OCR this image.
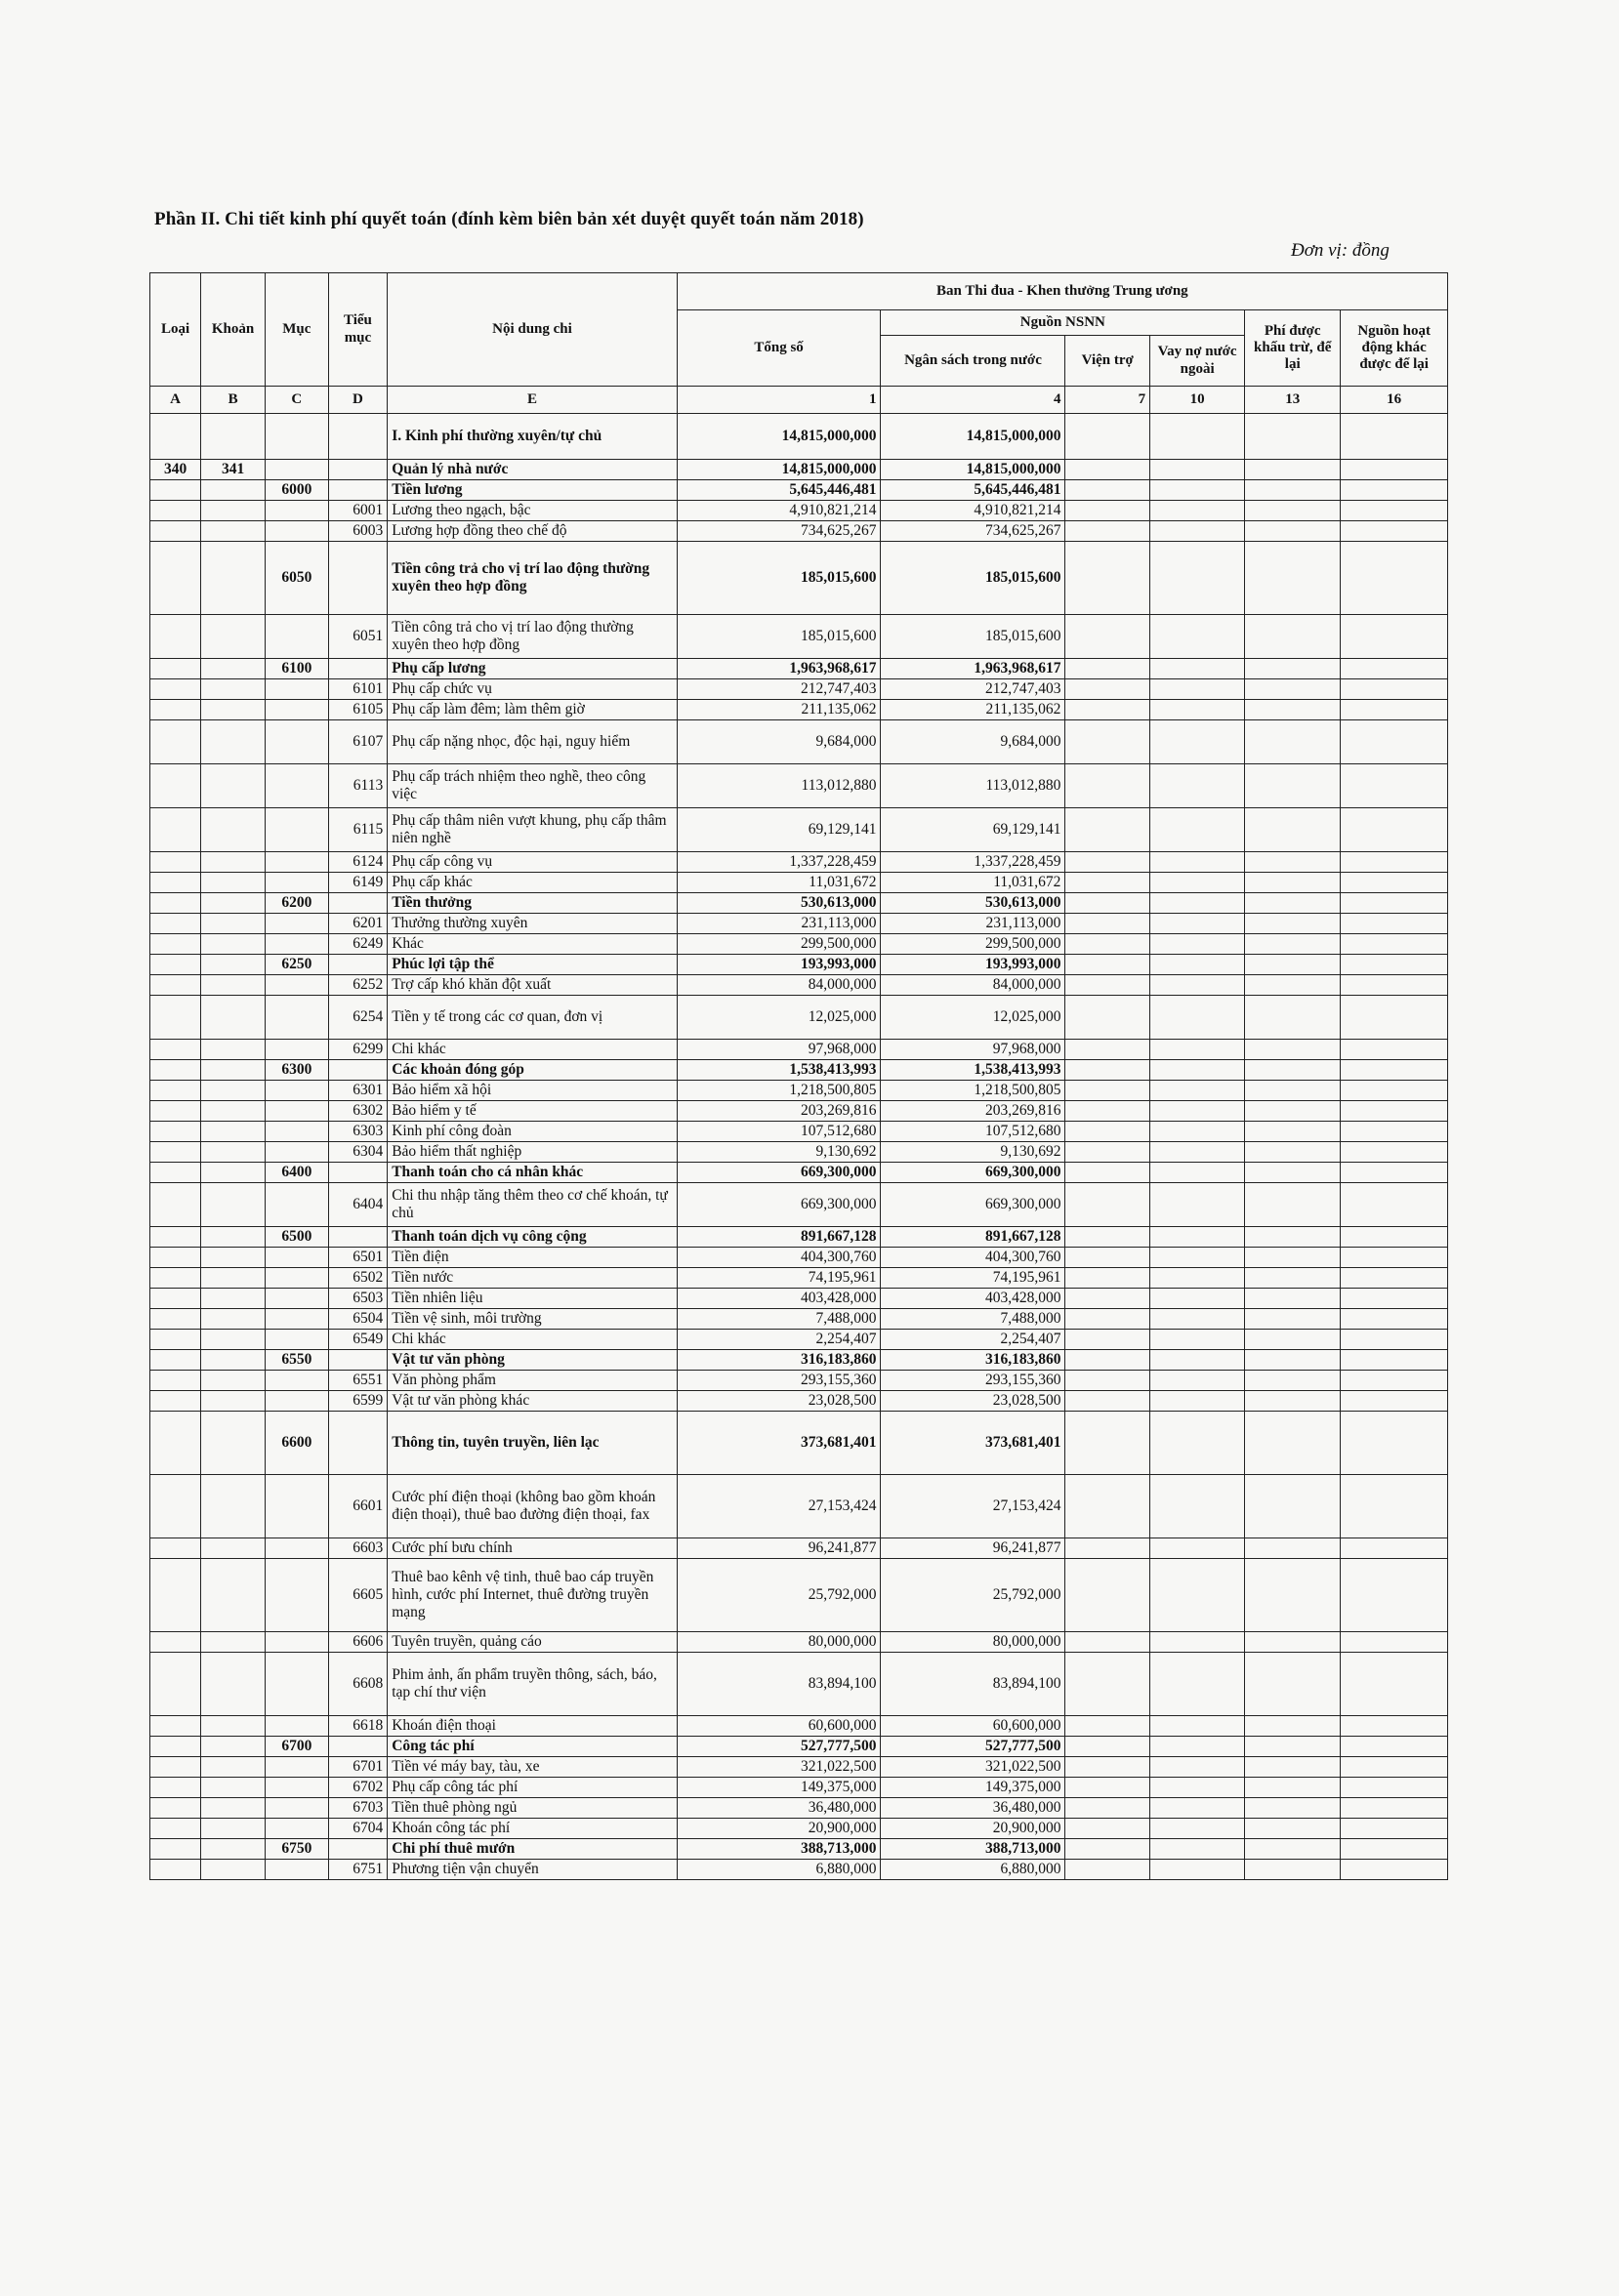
Phần II. Chi tiết kinh phí quyết toán (đính kèm biên bản xét duyệt quyết toán năm 2018)
Đơn vị: đồng
Loại	Khoản	Mục	Tiểu mục	Nội dung chi	Ban Thi đua - Khen thưởng Trung ương					
					Tổng số	Nguồn NSNN			Phí được khấu trừ, để lại	Nguồn hoạt động khác được để lại
						Ngân sách trong nước	Viện trợ	Vay nợ nước ngoài		
A	B	C	D	E	1	4	7	10	13	16
				I. Kinh phí thường xuyên/tự chủ	14,815,000,000	14,815,000,000				
340	341			Quản lý nhà nước	14,815,000,000	14,815,000,000				
		6000		Tiền lương	5,645,446,481	5,645,446,481				
			6001	Lương theo ngạch, bậc	4,910,821,214	4,910,821,214				
			6003	Lương hợp đồng theo chế độ	734,625,267	734,625,267				
		6050		Tiền công trả cho vị trí lao động thường xuyên theo hợp đồng	185,015,600	185,015,600				
			6051	Tiền công trả cho vị trí lao động thường xuyên theo hợp đồng	185,015,600	185,015,600				
		6100		Phụ cấp lương	1,963,968,617	1,963,968,617				
			6101	Phụ cấp chức vụ	212,747,403	212,747,403				
			6105	Phụ cấp làm đêm; làm thêm giờ	211,135,062	211,135,062				
			6107	Phụ cấp nặng nhọc, độc hại, nguy hiểm	9,684,000	9,684,000				
			6113	Phụ cấp trách nhiệm theo nghề, theo công việc	113,012,880	113,012,880				
			6115	Phụ cấp thâm niên vượt khung, phụ cấp thâm niên nghề	69,129,141	69,129,141				
			6124	Phụ cấp công vụ	1,337,228,459	1,337,228,459				
			6149	Phụ cấp khác	11,031,672	11,031,672				
		6200		Tiền thưởng	530,613,000	530,613,000				
			6201	Thưởng thường xuyên	231,113,000	231,113,000				
			6249	Khác	299,500,000	299,500,000				
		6250		Phúc lợi tập thể	193,993,000	193,993,000				
			6252	Trợ cấp khó khăn đột xuất	84,000,000	84,000,000				
			6254	Tiền y tế trong các cơ quan, đơn vị	12,025,000	12,025,000				
			6299	Chi khác	97,968,000	97,968,000				
		6300		Các khoản đóng góp	1,538,413,993	1,538,413,993				
			6301	Bảo hiểm xã hội	1,218,500,805	1,218,500,805				
			6302	Bảo hiểm y tế	203,269,816	203,269,816				
			6303	Kinh phí công đoàn	107,512,680	107,512,680				
			6304	Bảo hiểm thất nghiệp	9,130,692	9,130,692				
		6400		Thanh toán cho cá nhân khác	669,300,000	669,300,000				
			6404	Chi thu nhập tăng thêm theo cơ chế khoán, tự chủ	669,300,000	669,300,000				
		6500		Thanh toán dịch vụ công cộng	891,667,128	891,667,128				
			6501	Tiền điện	404,300,760	404,300,760				
			6502	Tiền nước	74,195,961	74,195,961				
			6503	Tiền nhiên liệu	403,428,000	403,428,000				
			6504	Tiền vệ sinh, môi trường	7,488,000	7,488,000				
			6549	Chi khác	2,254,407	2,254,407				
		6550		Vật tư văn phòng	316,183,860	316,183,860				
			6551	Văn phòng phẩm	293,155,360	293,155,360				
			6599	Vật tư văn phòng khác	23,028,500	23,028,500				
		6600		Thông tin, tuyên truyền, liên lạc	373,681,401	373,681,401				
			6601	Cước phí điện thoại (không bao gồm khoán điện thoại), thuê bao đường điện thoại, fax	27,153,424	27,153,424				
			6603	Cước phí bưu chính	96,241,877	96,241,877				
			6605	Thuê bao kênh vệ tinh, thuê bao cáp truyền hình, cước phí Internet, thuê đường truyền mạng	25,792,000	25,792,000				
			6606	Tuyên truyền, quảng cáo	80,000,000	80,000,000				
			6608	Phim ảnh, ấn phẩm truyền thông, sách, báo, tạp chí thư viện	83,894,100	83,894,100				
			6618	Khoán điện thoại	60,600,000	60,600,000				
		6700		Công tác phí	527,777,500	527,777,500				
			6701	Tiền vé máy bay, tàu, xe	321,022,500	321,022,500				
			6702	Phụ cấp công tác phí	149,375,000	149,375,000				
			6703	Tiền thuê phòng ngủ	36,480,000	36,480,000				
			6704	Khoán công tác phí	20,900,000	20,900,000				
		6750		Chi phí thuê mướn	388,713,000	388,713,000				
			6751	Phương tiện vận chuyển	6,880,000	6,880,000				
